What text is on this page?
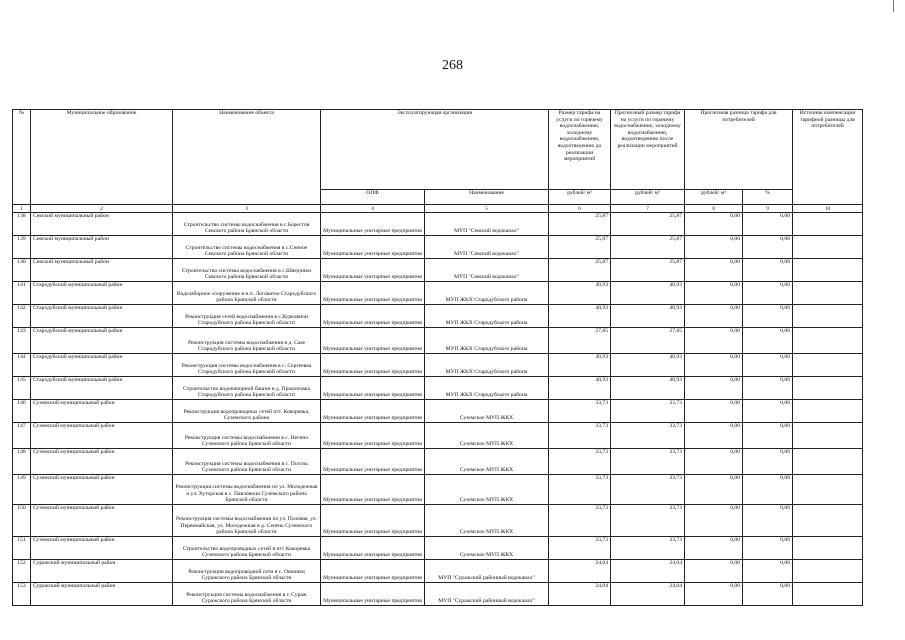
268
№	Муниципальное образование	Наименование объекта	Эксплуатирующая организация		Размер тарифа на услуги по горячему водоснабжению, холодному водоснабжению, водоотведению до реализации мероприятий	Прогнозный размер тарифа на услуги по горячему водоснабжению, холодному водоснабжению, водоотведению после реализации мероприятий	Прогнозная разница тарифа для потребителей		Источник компенсации тарифной разницы для потребителей
			ОПФ	Наименование	рублей/ м³	рублей/ м³	рублей/ м³	%	
1	2	3	4	5	6	7	8	9	10
138	Севский муниципальный район	Строительство системы водоснабжения в с.Берестов Севского района Брянской области	Муниципальные унитарные предприятия	МУП "Севский водоканал"	25,87	25,87	0,00	0,00	
139	Севский муниципальный район	Строительство системы водоснабжения в с.Сеннoe Севского района Брянской области	Муниципальные унитарные предприятия	МУП "Севский водоканал"	25,87	25,87	0,00	0,00	
140	Севский муниципальный район	Строительство системы водоснабжения в с.Шведчики Севского района Брянской области	Муниципальные унитарные предприятия	МУП "Севский водоканал"	25,87	25,87	0,00	0,00	
141	Стародубский муниципальный район	Водозаборное сооружение в н.п. Логоватое Стародубского района Брянской области	Муниципальные унитарные предприятия	МУП ЖКХ Стародубского района	40,93	40,93	0,00	0,00	
142	Стародубский муниципальный район	Реконструкция сетей водоснабжения в с.Курковичи Стародубского района Брянской области	Муниципальные унитарные предприятия	МУП ЖКХ Стародубского района	40,93	40,93	0,00	0,00	
143	Стародубский муниципальный район	Реконструкция системы водоснабжения в д. Case Стародубского района Брянской области	Муниципальные унитарные предприятия	МУП ЖКХ Стародубского района	27,85	27,85	0,00	0,00	
144	Стародубский муниципальный район	Реконструкция системы водоснабжения в с. Сергеевка Стародубского района Брянской области	Муниципальные унитарные предприятия	МУП ЖКХ Стародубского района	40,93	40,93	0,00	0,00	
145	Стародубский муниципальный район	Строительство водонапорной башни в д. Прокоповка Стародубского района Брянской области	Муниципальные унитарные предприятия	МУП ЖКХ Стародубского района	40,93	40,93	0,00	0,00	
146	Суземский муниципальный район	Реконструкция водопроводных сетей пгт. Кокоревка, Суземского района	Муниципальные унитарные предприятия	Суземское МУП ЖКХ	33,73	33,73	0,00	0,00	
147	Суземский муниципальный район	Реконструкция системы водоснабжения в с. Негино Суземского района Брянской области	Муниципальные унитарные предприятия	Суземское МУП ЖКХ	33,73	33,73	0,00	0,00	
148	Суземский муниципальный район	Реконструкция системы водоснабжения в с. Поголь Суземского района Брянской области	Муниципальные унитарные предприятия	Суземское МУП ЖКХ	33,73	33,73	0,00	0,00	
149	Суземский муниципальный район	Реконструкция системы водоснабжения по ул. Молодежная и ул. Хуторская в с. Павловичи Суземского района Брянской области	Муниципальные унитарные предприятия	Суземское МУП ЖКХ	33,73	33,73	0,00	0,00	
150	Суземский муниципальный район	Реконструкция системы водоснабжения по ул. Полевая, ул. Первомайская, ул. Молодежная в д. Сепечь Суземского района Брянской области	Муниципальные унитарные предприятия	Суземское МУП ЖКХ	33,73	33,73	0,00	0,00	
151	Суземский муниципальный район	Строительство водопроводных сетей в пгт Кокоревка Суземского района Брянской области	Муниципальные унитарные предприятия	Суземское МУП ЖКХ	33,73	33,73	0,00	0,00	
152	Суражский муниципальный район	Реконструкция водопроводной сети в с. Овчинец Суражского района Брянской области	Муниципальные унитарные предприятия	МУП "Суражский районный водоканал"	24,04	24,04	0,00	0,00	
153	Суражский муниципальный район	Реконструкция системы водоснабжения в г. Сураж Суражского района Брянской области	Муниципальные унитарные предприятия	МУП "Суражский районный водоканал"	24,04	24,04	0,00	0,00	
